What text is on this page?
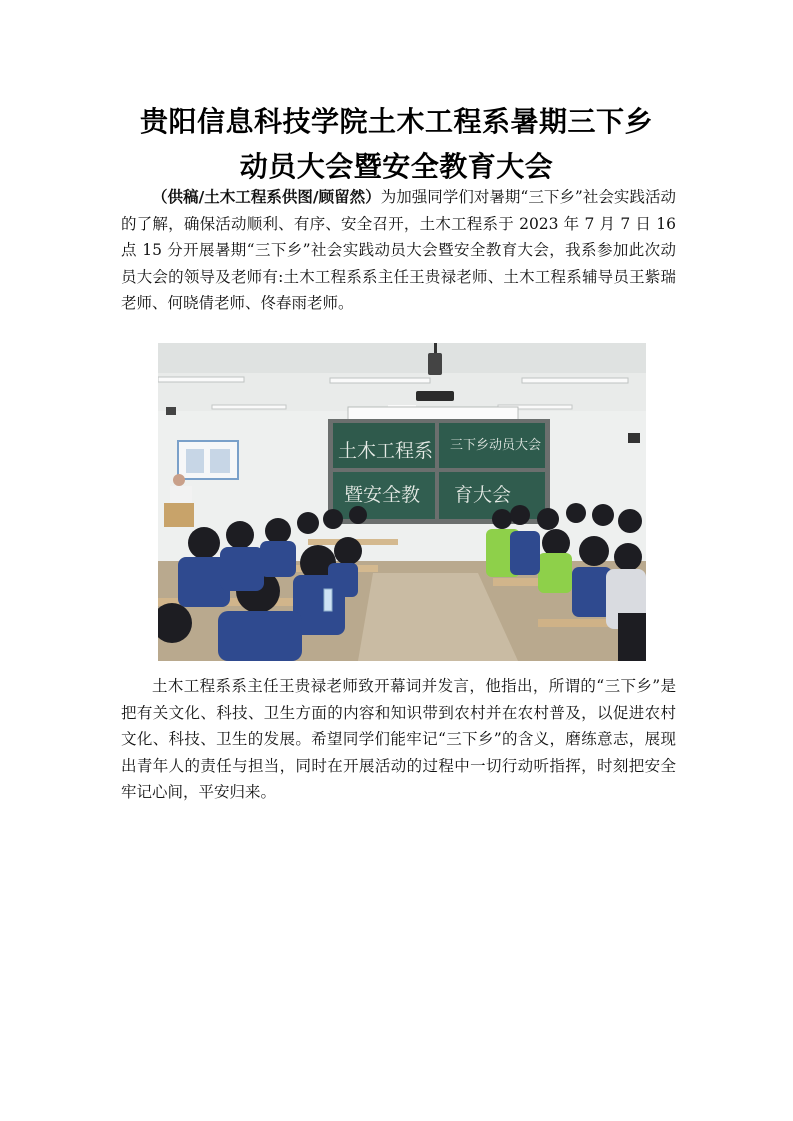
贵阳信息科技学院土木工程系暑期三下乡
动员大会暨安全教育大会
（供稿/土木工程系供图/顾留然）为加强同学们对暑期“三下乡”社会实践活动的了解，确保活动顺利、有序、安全召开，土木工程系于 2023 年 7 月 7 日 16 点 15 分开展暑期“三下乡”社会实践动员大会暨安全教育大会，我系参加此次动员大会的领导及老师有:土木工程系系主任王贵禄老师、土木工程系辅导员王紫瑞老师、何晓倩老师、佟春雨老师。
土木工程系 三下乡动员大会
暨安全教 育大会
土木工程系系主任王贵禄老师致开幕词并发言，他指出，所谓的“三下乡”是把有关文化、科技、卫生方面的内容和知识带到农村并在农村普及，以促进农村文化、科技、卫生的发展。希望同学们能牢记“三下乡”的含义，磨练意志，展现出青年人的责任与担当，同时在开展活动的过程中一切行动听指挥，时刻把安全牢记心间，平安归来。
